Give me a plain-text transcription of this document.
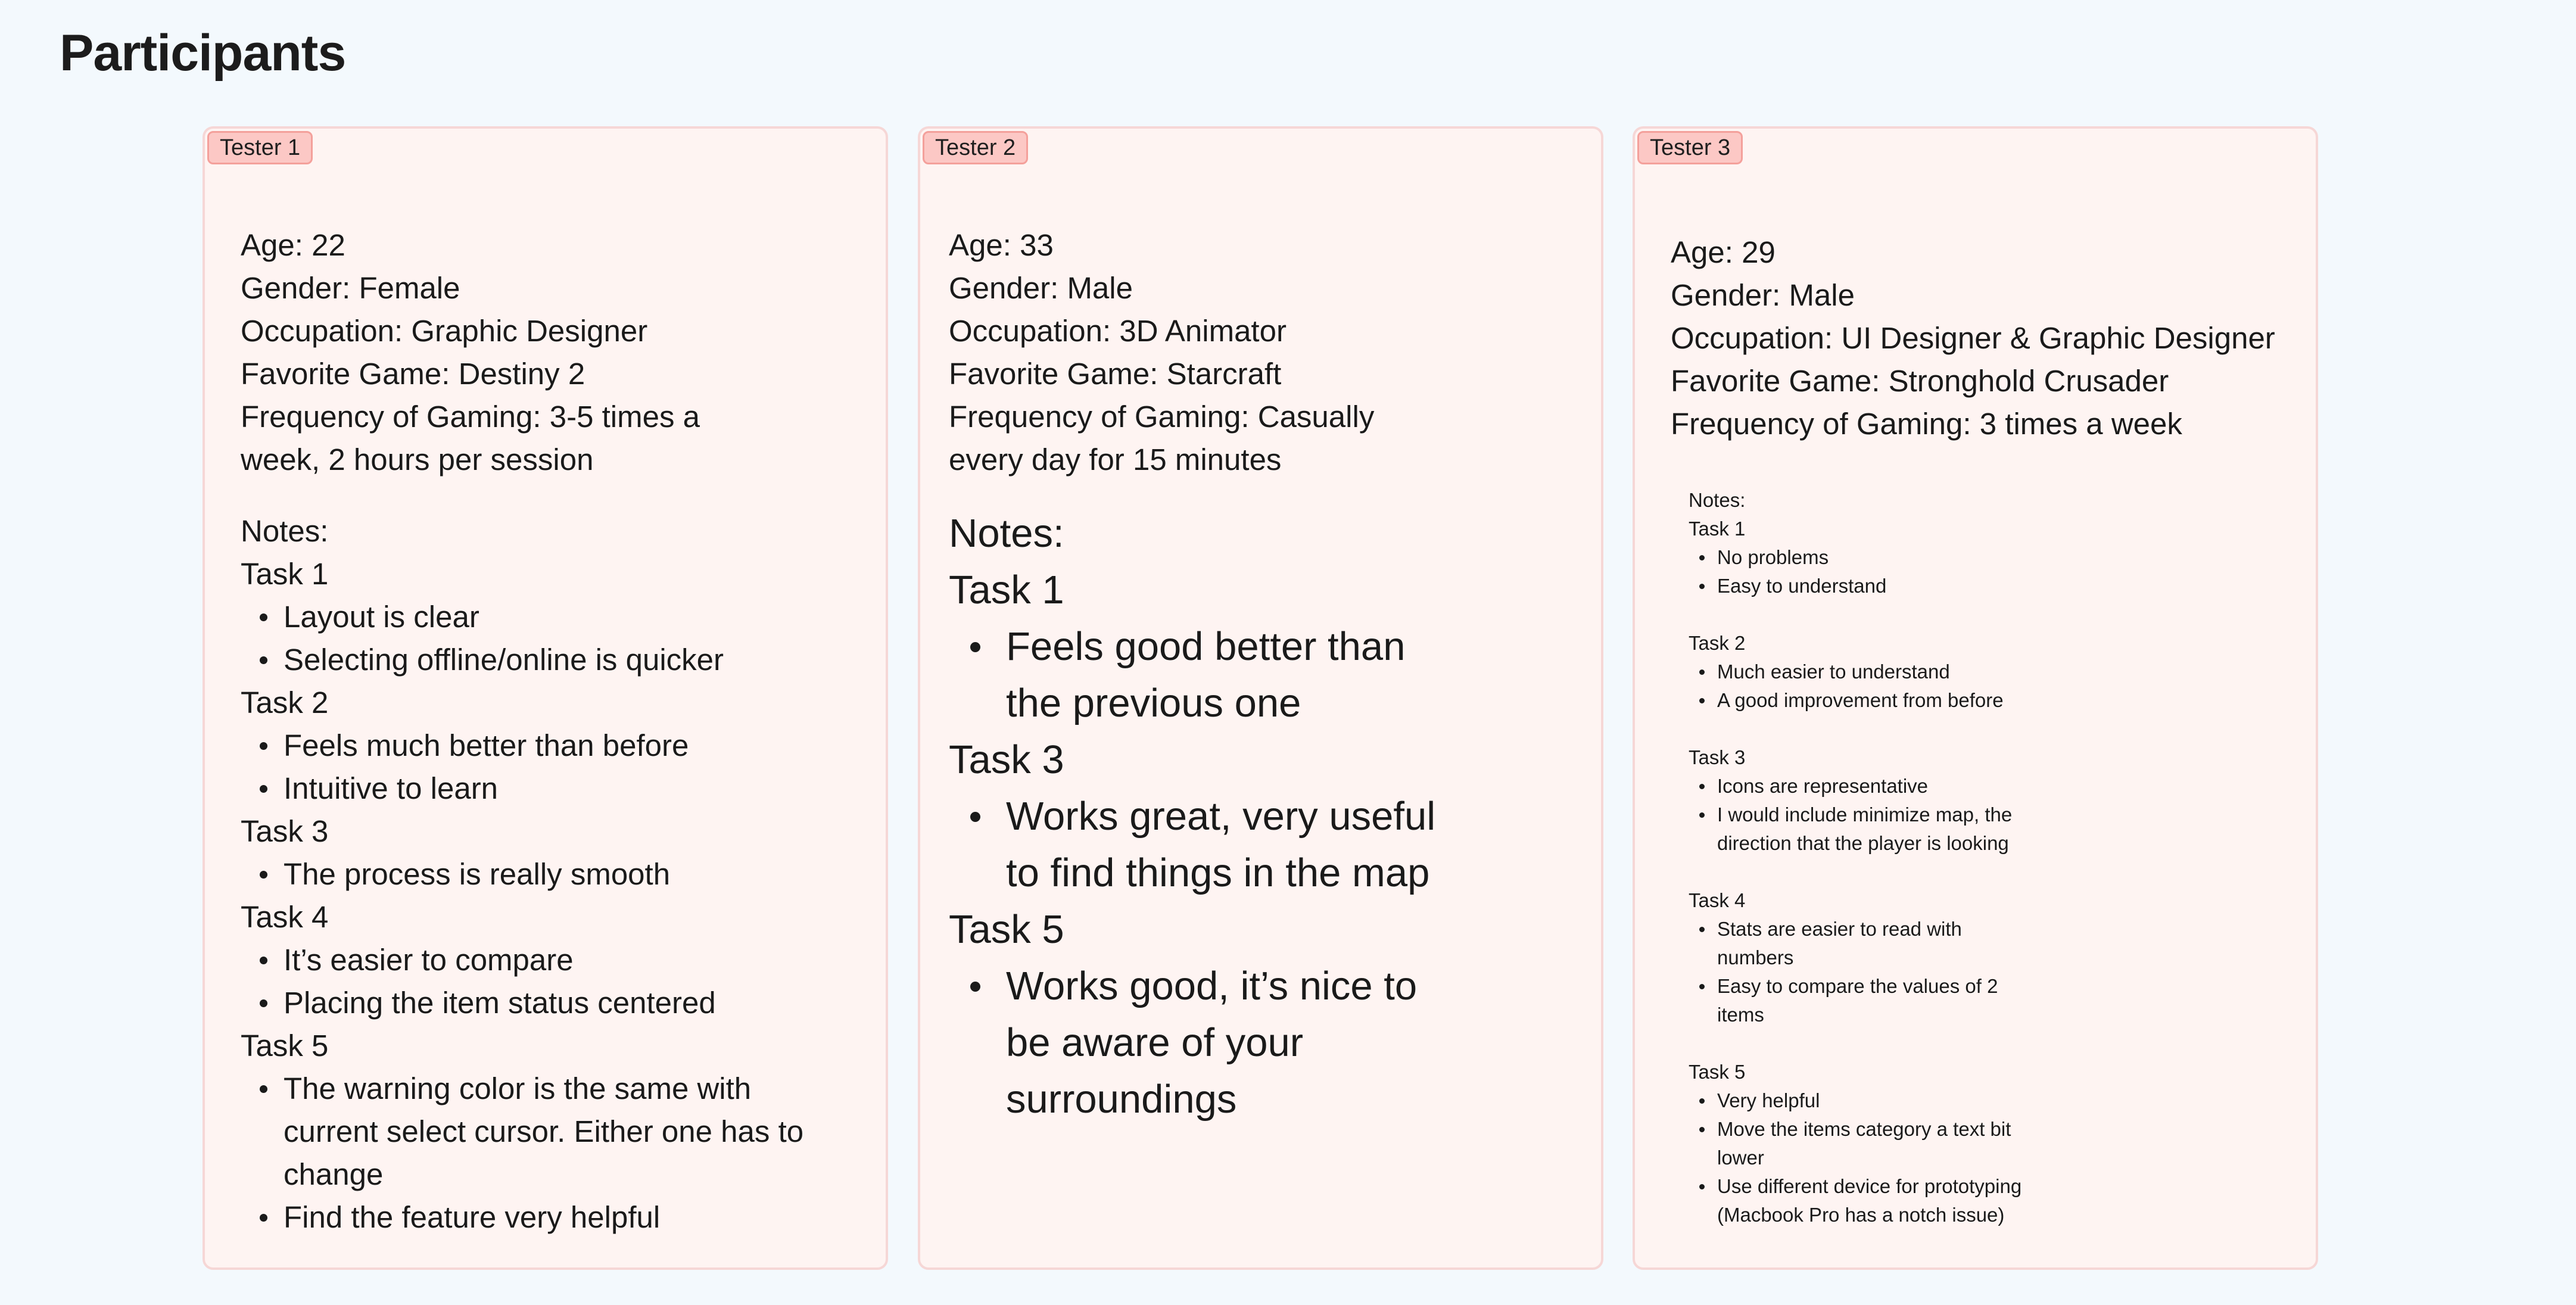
Participants
Tester 1
Age: 22
Gender: Female
Occupation: Graphic Designer
Favorite Game: Destiny 2
Frequency of Gaming: 3-5 times a
week, 2 hours per session
Notes:
Task 1
Layout is clear
Selecting offline/online is quicker
Task 2
Feels much better than before
Intuitive to learn
Task 3
The process is really smooth
Task 4
It’s easier to compare
Placing the item status centered
Task 5
The warning color is the same with
current select cursor. Either one has to
change
Find the feature very helpful
Tester 2
Age: 33
Gender: Male
Occupation: 3D Animator
Favorite Game: Starcraft
Frequency of Gaming: Casually
every day for 15 minutes
Notes:
Task 1
Feels good better than
the previous one
Task 3
Works great, very useful
to find things in the map
Task 5
Works good, it’s nice to
be aware of your
surroundings
Tester 3
Age: 29
Gender: Male
Occupation: UI Designer & Graphic Designer
Favorite Game: Stronghold Crusader
Frequency of Gaming: 3 times a week
Notes:
Task 1
No problems
Easy to understand
Task 2
Much easier to understand
A good improvement from before
Task 3
Icons are representative
I would include minimize map, the
direction that the player is looking
Task 4
Stats are easier to read with
numbers
Easy to compare the values of 2
items
Task 5
Very helpful
Move the items category a text bit
lower
Use different device for prototyping
(Macbook Pro has a notch issue)
